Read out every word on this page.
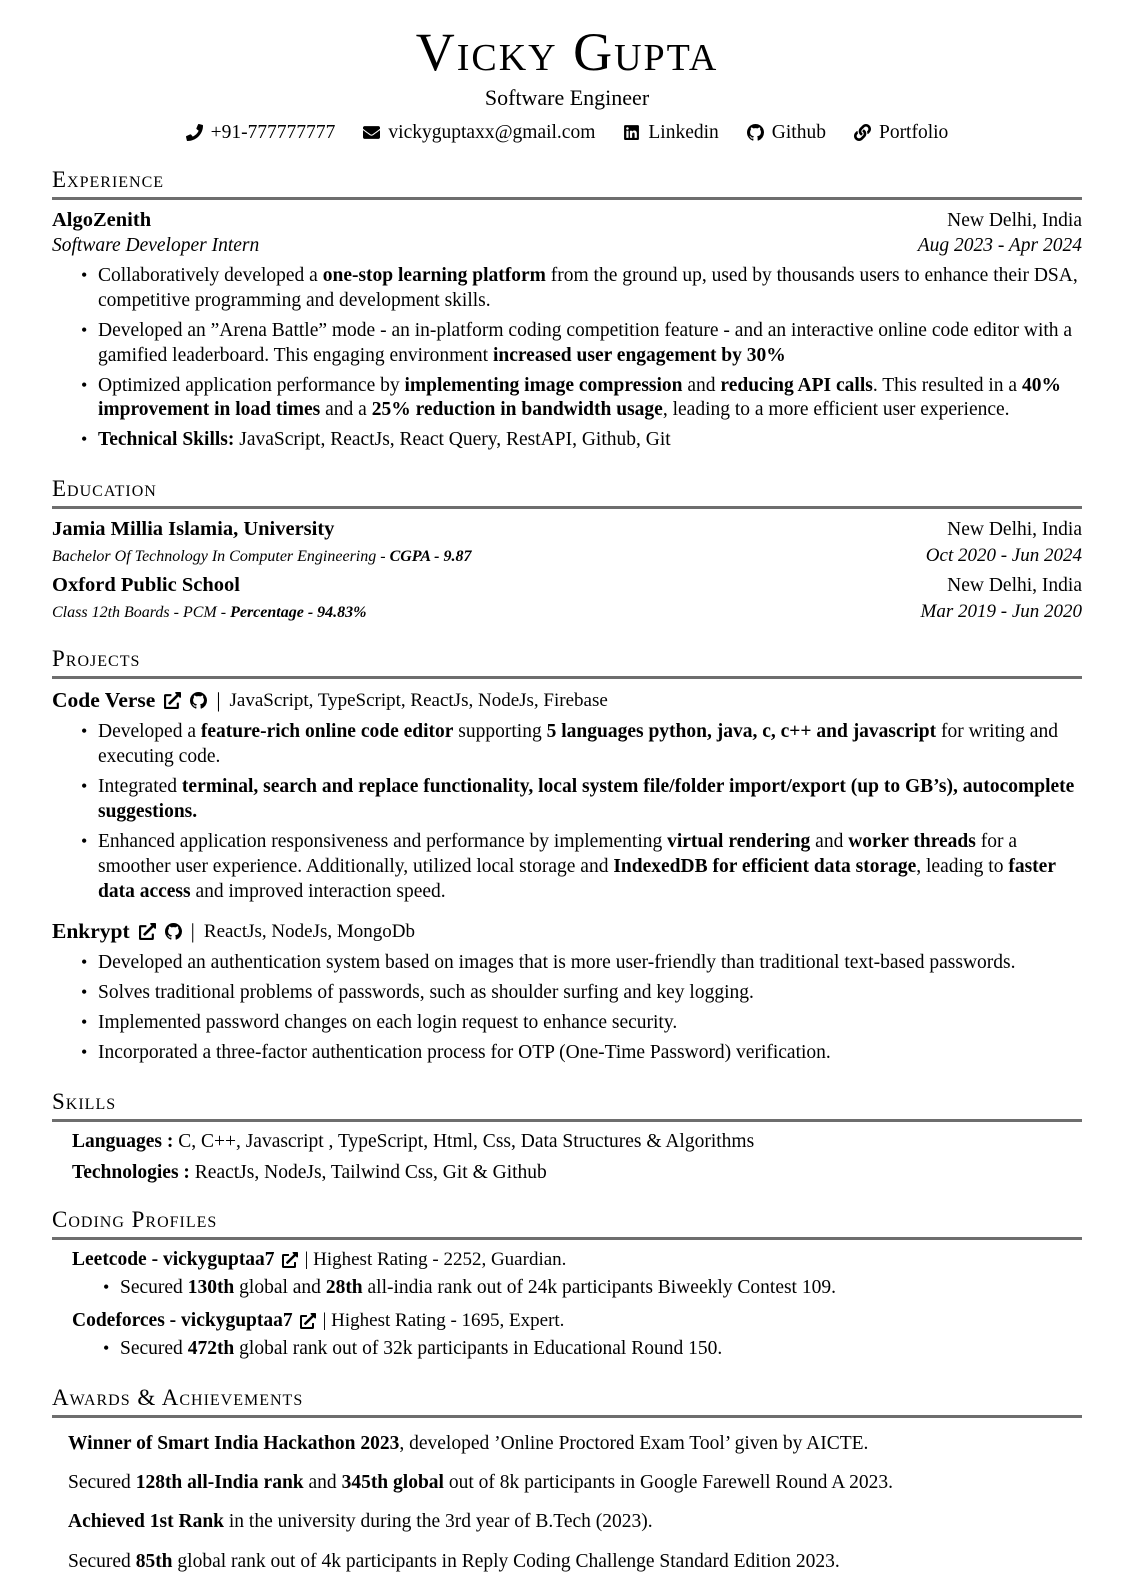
Vicky Gupta
Software Engineer
+91-777777777	vickyguptaxx@gmail.com	Linkedin	Github	Portfolio
Experience
AlgoZenith	New Delhi, India
Software Developer Intern	Aug 2023 - Apr 2024
• Collaboratively developed a one-stop learning platform from the ground up, used by thousands users to enhance their DSA, competitive programming and development skills.
• Developed an ”Arena Battle” mode - an in-platform coding competition feature - and an interactive online code editor with a gamified leaderboard. This engaging environment increased user engagement by 30%
• Optimized application performance by implementing image compression and reducing API calls. This resulted in a 40% improvement in load times and a 25% reduction in bandwidth usage, leading to a more efficient user experience.
• Technical Skills: JavaScript, ReactJs, React Query, RestAPI, Github, Git
Education
Jamia Millia Islamia, University	New Delhi, India
Bachelor Of Technology In Computer Engineering - CGPA - 9.87	Oct 2020 - Jun 2024
Oxford Public School	New Delhi, India
Class 12th Boards - PCM - Percentage - 94.83%	Mar 2019 - Jun 2020
Projects
Code Verse	| JavaScript, TypeScript, ReactJs, NodeJs, Firebase
• Developed a feature-rich online code editor supporting 5 languages python, java, c, c++ and javascript for writing and executing code.
• Integrated terminal, search and replace functionality, local system file/folder import/export (up to GB’s), autocomplete suggestions.
• Enhanced application responsiveness and performance by implementing virtual rendering and worker threads for a smoother user experience. Additionally, utilized local storage and IndexedDB for efficient data storage, leading to faster data access and improved interaction speed.
Enkrypt	| ReactJs, NodeJs, MongoDb
• Developed an authentication system based on images that is more user-friendly than traditional text-based passwords.
• Solves traditional problems of passwords, such as shoulder surfing and key logging.
• Implemented password changes on each login request to enhance security.
• Incorporated a three-factor authentication process for OTP (One-Time Password) verification.
Skills
Languages : C, C++, Javascript , TypeScript, Html, Css, Data Structures & Algorithms
Technologies : ReactJs, NodeJs, Tailwind Css, Git & Github
Coding Profiles
Leetcode - vickyguptaa7 | Highest Rating - 2252, Guardian.
• Secured 130th global and 28th all-india rank out of 24k participants Biweekly Contest 109.
Codeforces - vickyguptaa7 | Highest Rating - 1695, Expert.
• Secured 472th global rank out of 32k participants in Educational Round 150.
Awards & Achievements
Winner of Smart India Hackathon 2023, developed ’Online Proctored Exam Tool’ given by AICTE.
Secured 128th all-India rank and 345th global out of 8k participants in Google Farewell Round A 2023.
Achieved 1st Rank in the university during the 3rd year of B.Tech (2023).
Secured 85th global rank out of 4k participants in Reply Coding Challenge Standard Edition 2023.
